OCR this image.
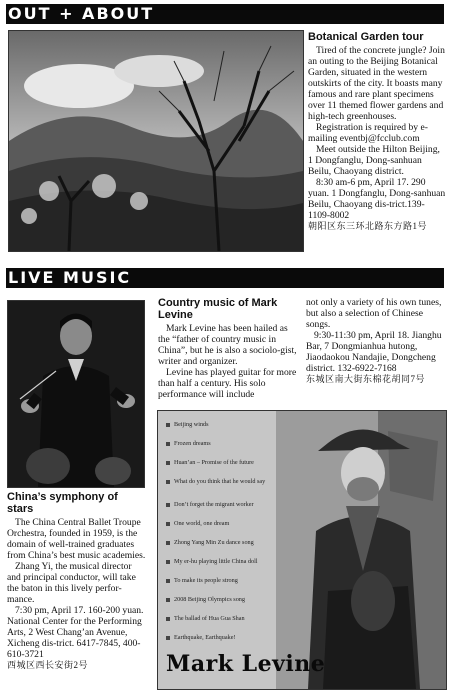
OUT + ABOUT
LIVE MUSIC
Botanical Garden tour

Tired of the concrete jungle? Join an outing to the Beijing Botanical Garden, situated in the western outskirts of the city. It boasts many famous and rare plant specimens over 11 themed flower gardens and high-tech greenhouses.

Registration is required by e-mailing eventbj@fcclub.com

Meet outside the Hilton Beijing, 1 Dongfanglu, Dong-sanhuan Beilu, Chaoyang district.

8:30 am-6 pm, April 17. 290 yuan. 1 Dongfanglu, Dong-sanhuan Beilu, Chaoyang dis-trict.139-1109-8002

朝阳区东三环北路东方路1号

China’s symphony of stars

The China Central Ballet Troupe Orchestra, founded in 1959, is the domain of well-trained graduates from China’s best music academies.

Zhang Yi, the musical director and principal conductor, will take the baton in this lively perfor-mance.

7:30 pm, April 17. 160-200 yuan. National Center for the Performing Arts, 2 West Chang’an Avenue, Xicheng dis-trict. 6417-7845, 400-610-3721

西城区西长安街2号

Country music of Mark Levine

Mark Levine has been hailed as the “father of country music in China”, but he is also a sociolo-gist, writer and organizer.

Levine has played guitar for more than half a century. His solo performance will include

not only a variety of his own tunes, but also a selection of Chinese songs.

9:30-11:30 pm, April 18. Jianghu Bar, 7 Dongmianhua hutong, Jiaodaokou Nandajie, Dongcheng district. 132-6922-7168

东城区南大街东棉花胡同7号

Beijing winds
Frozen dreams
Huan’an – Promise of the future
What do you think that he would say
Don’t forget the migrant worker
One world, one dream
Zhong Yang Min Zu dance song
My er-hu playing little China doll
To make its people strong
2008 Beijing Olympics song
The ballad of Hua Gua Shan
Earthquake, Earthquake!
Mark Levine
